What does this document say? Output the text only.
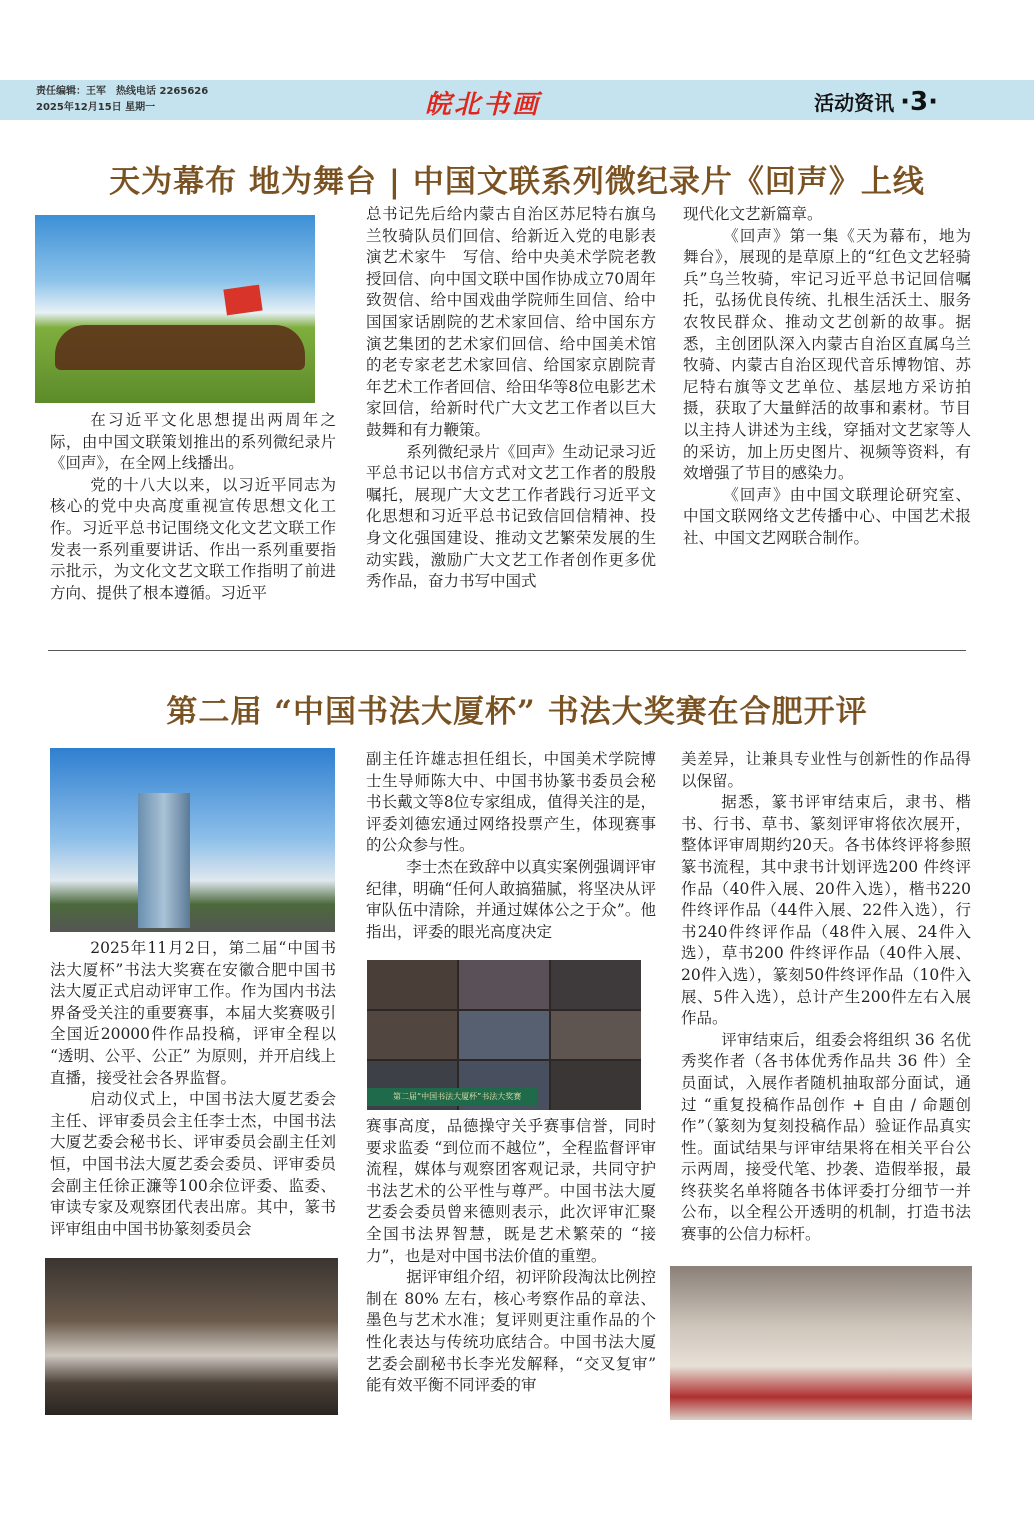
责任编辑：王军　热线电话 2265626
2025年12月15日 星期一	皖北书画	活动资讯 ·3·
天为幕布 地为舞台 | 中国文联系列微纪录片《回声》上线

在习近平文化思想提出两周年之际，由中国文联策划推出的系列微纪录片《回声》，在全网上线播出。

党的十八大以来，以习近平同志为核心的党中央高度重视宣传思想文化工作。习近平总书记围绕文化文艺文联工作发表一系列重要讲话、作出一系列重要指示批示，为文化文艺文联工作指明了前进方向、提供了根本遵循。习近平

总书记先后给内蒙古自治区苏尼特右旗乌兰牧骑队员们回信、给新近入党的电影表演艺术家牛　写信、给中央美术学院老教授回信、向中国文联中国作协成立70周年致贺信、给中国戏曲学院师生回信、给中国国家话剧院的艺术家回信、给中国东方演艺集团的艺术家们回信、给中国美术馆的老专家老艺术家回信、给国家京剧院青年艺术工作者回信、给田华等8位电影艺术家回信，给新时代广大文艺工作者以巨大鼓舞和有力鞭策。

系列微纪录片《回声》生动记录习近平总书记以书信方式对文艺工作者的殷殷嘱托，展现广大文艺工作者践行习近平文化思想和习近平总书记致信回信精神、投身文化强国建设、推动文艺繁荣发展的生动实践，激励广大文艺工作者创作更多优秀作品，奋力书写中国式

现代化文艺新篇章。

《回声》第一集《天为幕布，地为舞台》，展现的是草原上的“红色文艺轻骑兵”乌兰牧骑，牢记习近平总书记回信嘱托，弘扬优良传统、扎根生活沃土、服务农牧民群众、推动文艺创新的故事。据悉，主创团队深入内蒙古自治区直属乌兰牧骑、内蒙古自治区现代音乐博物馆、苏尼特右旗等文艺单位、基层地方采访拍摄，获取了大量鲜活的故事和素材。节目以主持人讲述为主线，穿插对文艺家等人的采访，加上历史图片、视频等资料，有效增强了节目的感染力。

《回声》由中国文联理论研究室、中国文联网络文艺传播中心、中国艺术报社、中国文艺网联合制作。

第二届 “中国书法大厦杯” 书法大奖赛在合肥开评

2025年11月2日，第二届“中国书法大厦杯”书法大奖赛在安徽合肥中国书法大厦正式启动评审工作。作为国内书法界备受关注的重要赛事，本届大奖赛吸引全国近20000件作品投稿，评审全程以 “透明、公平、公正” 为原则，并开启线上直播，接受社会各界监督。

启动仪式上，中国书法大厦艺委会主任、评审委员会主任李士杰，中国书法大厦艺委会秘书长、评审委员会副主任刘恒，中国书法大厦艺委会委员、评审委员会副主任徐正濂等100余位评委、监委、审读专家及观察团代表出席。其中，篆书评审组由中国书协篆刻委员会

副主任许雄志担任组长，中国美术学院博士生导师陈大中、中国书协篆书委员会秘书长戴文等8位专家组成，值得关注的是，评委刘德宏通过网络投票产生，体现赛事的公众参与性。

李士杰在致辞中以真实案例强调评审纪律，明确“任何人敢搞猫腻，将坚决从评审队伍中清除，并通过媒体公之于众”。他指出，评委的眼光高度决定

第二届“中国书法大厦杯”书法大奖赛

赛事高度，品德操守关乎赛事信誉，同时要求监委 “到位而不越位”，全程监督评审流程，媒体与观察团客观记录，共同守护书法艺术的公平性与尊严。中国书法大厦艺委会委员曾来德则表示，此次评审汇聚全国书法界智慧，既是艺术繁荣的 “接力”，也是对中国书法价值的重塑。

据评审组介绍，初评阶段淘汰比例控制在 80% 左右，核心考察作品的章法、墨色与艺术水准；复评则更注重作品的个性化表达与传统功底结合。中国书法大厦艺委会副秘书长李光发解释，“交叉复审” 能有效平衡不同评委的审

美差异，让兼具专业性与创新性的作品得以保留。

据悉，篆书评审结束后，隶书、楷书、行书、草书、篆刻评审将依次展开，整体评审周期约20天。各书体终评将参照篆书流程，其中隶书计划评选200 件终评作品（40件入展、20件入选），楷书220件终评作品（44件入展、22件入选），行书240件终评作品（48件入展、24件入选），草书200 件终评作品（40件入展、20件入选），篆刻50件终评作品（10件入展、5件入选），总计产生200件左右入展作品。

评审结束后，组委会将组织 36 名优秀奖作者（各书体优秀作品共 36 件）全员面试，入展作者随机抽取部分面试，通过 “重复投稿作品创作 + 自由 / 命题创作”（篆刻为复刻投稿作品）验证作品真实性。面试结果与评审结果将在相关平台公示两周，接受代笔、抄袭、造假举报，最终获奖名单将随各书体评委打分细节一并公布，以全程公开透明的机制，打造书法赛事的公信力标杆。
